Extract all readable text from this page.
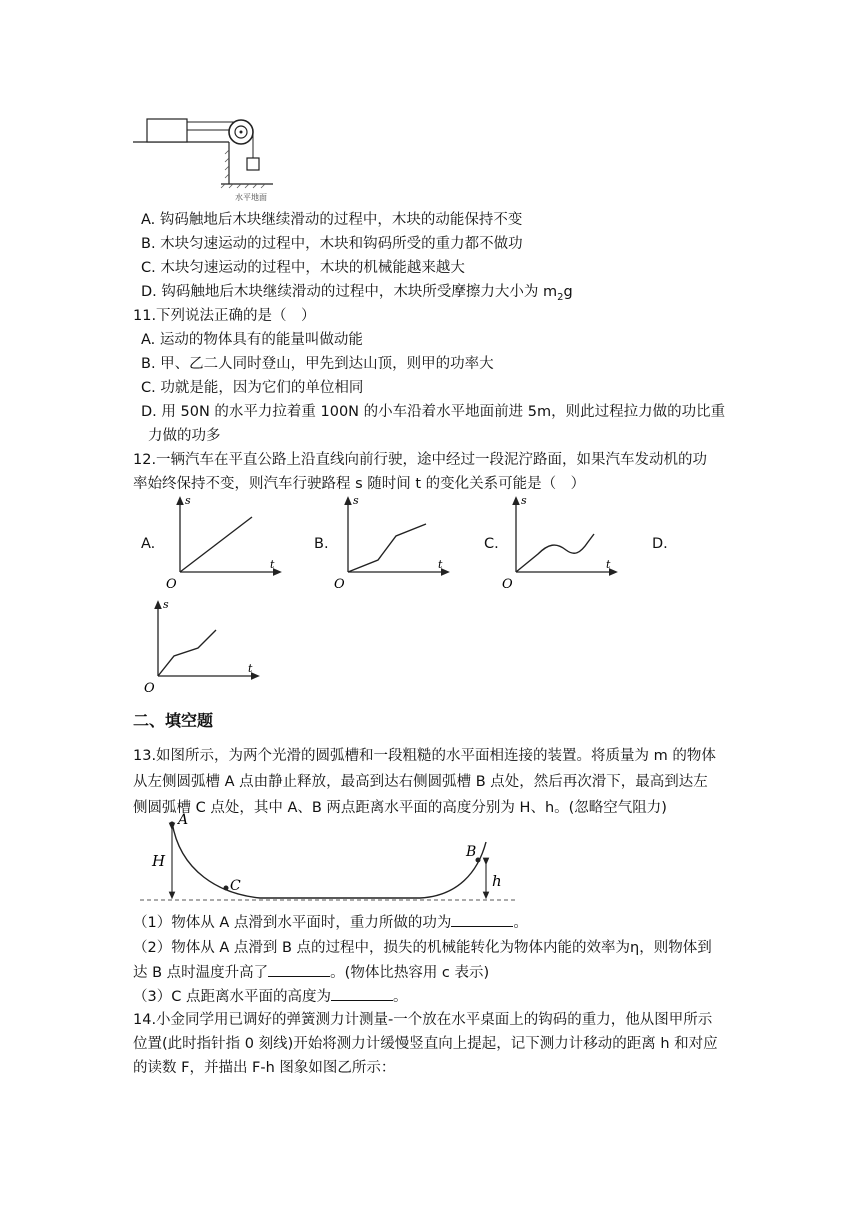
水平地面
A. 钩码触地后木块继续滑动的过程中，木块的动能保持不变
B. 木块匀速运动的过程中，木块和钩码所受的重力都不做功
C. 木块匀速运动的过程中，木块的机械能越来越大
D. 钩码触地后木块继续滑动的过程中，木块所受摩擦力大小为 $m_2g$
11.下列说法正确的是（　）
A. 运动的物体具有的能量叫做动能
B. 甲、乙二人同时登山，甲先到达山顶，则甲的功率大
C. 功就是能，因为它们的单位相同
D. 用 50N 的水平力拉着重 100N 的小车沿着水平地面前进 5m，则此过程拉力做的功比重
力做的功多
12.一辆汽车在平直公路上沿直线向前行驶，途中经过一段泥泞路面，如果汽车发动机的功
率始终保持不变，则汽车行驶路程 s 随时间 t 的变化关系可能是（　）
A.	B.	C.	D.
s
t
O
s
t
O
s
t
O
s
t
O
二、填空题
13.如图所示，为两个光滑的圆弧槽和一段粗糙的水平面相连接的装置。将质量为 m 的物体
从左侧圆弧槽 A 点由静止释放，最高到达右侧圆弧槽 B 点处，然后再次滑下，最高到达左
侧圆弧槽 C 点处，其中 A、B 两点距离水平面的高度分别为 H、h。(忽略空气阻力)
A
B
C
H
h
（1）物体从 A 点滑到水平面时，重力所做的功为	。
（2）物体从 A 点滑到 B 点的过程中，损失的机械能转化为物体内能的效率为η，则物体到
达 B 点时温度升高了	。(物体比热容用 c 表示)
（3）C 点距离水平面的高度为	。
14.小金同学用已调好的弹簧测力计测量-一个放在水平桌面上的钩码的重力，他从图甲所示
位置(此时指针指 0 刻线)开始将测力计缓慢竖直向上提起，记下测力计移动的距离 h 和对应
的读数 F，并描出 F-h 图象如图乙所示：
